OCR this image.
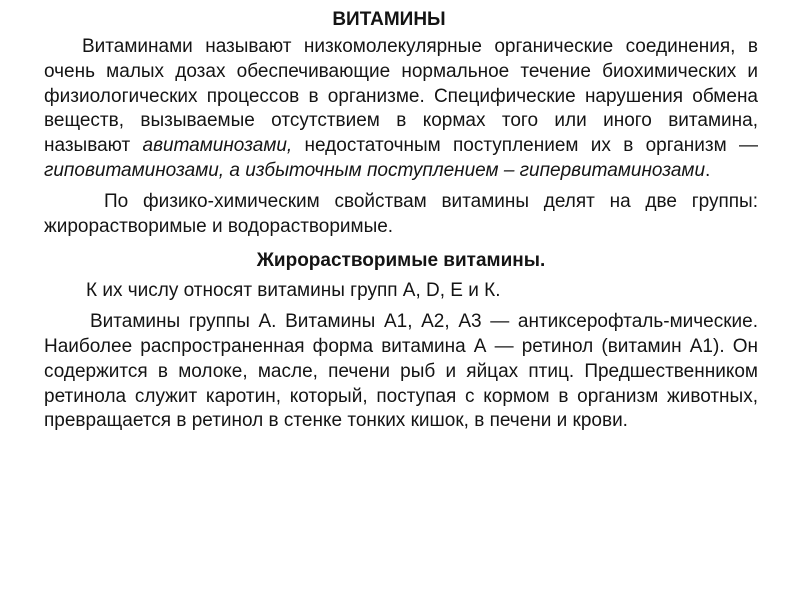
ВИТАМИНЫ

Витаминами называют низкомолекулярные органические соединения, в очень малых дозах обеспечивающие нормальное течение биохимических и физиологических процессов в организме. Специфические нарушения обмена веществ, вызываемые отсутствием в кормах того или иного витамина, называют авитаминозами, недостаточным поступлением их в организм — гиповитаминозами, а избыточным поступлением – гипервитаминозами.

По физико-химическим свойствам витамины делят на две группы: жирорастворимые и водорастворимые.

Жирорастворимые витамины.

К их числу относят витамины групп А, D, Е и К.

Витамины группы А. Витамины А1, А2, А3 — антиксерофталь-мические. Наиболее распространенная форма витамина А — ретинол (витамин А1). Он содержится в молоке, масле, печени рыб и яйцах птиц. Предшественником ретинола служит каротин, который, поступая с кормом в организм животных, превращается в ретинол в стенке тонких кишок, в печени и крови.
